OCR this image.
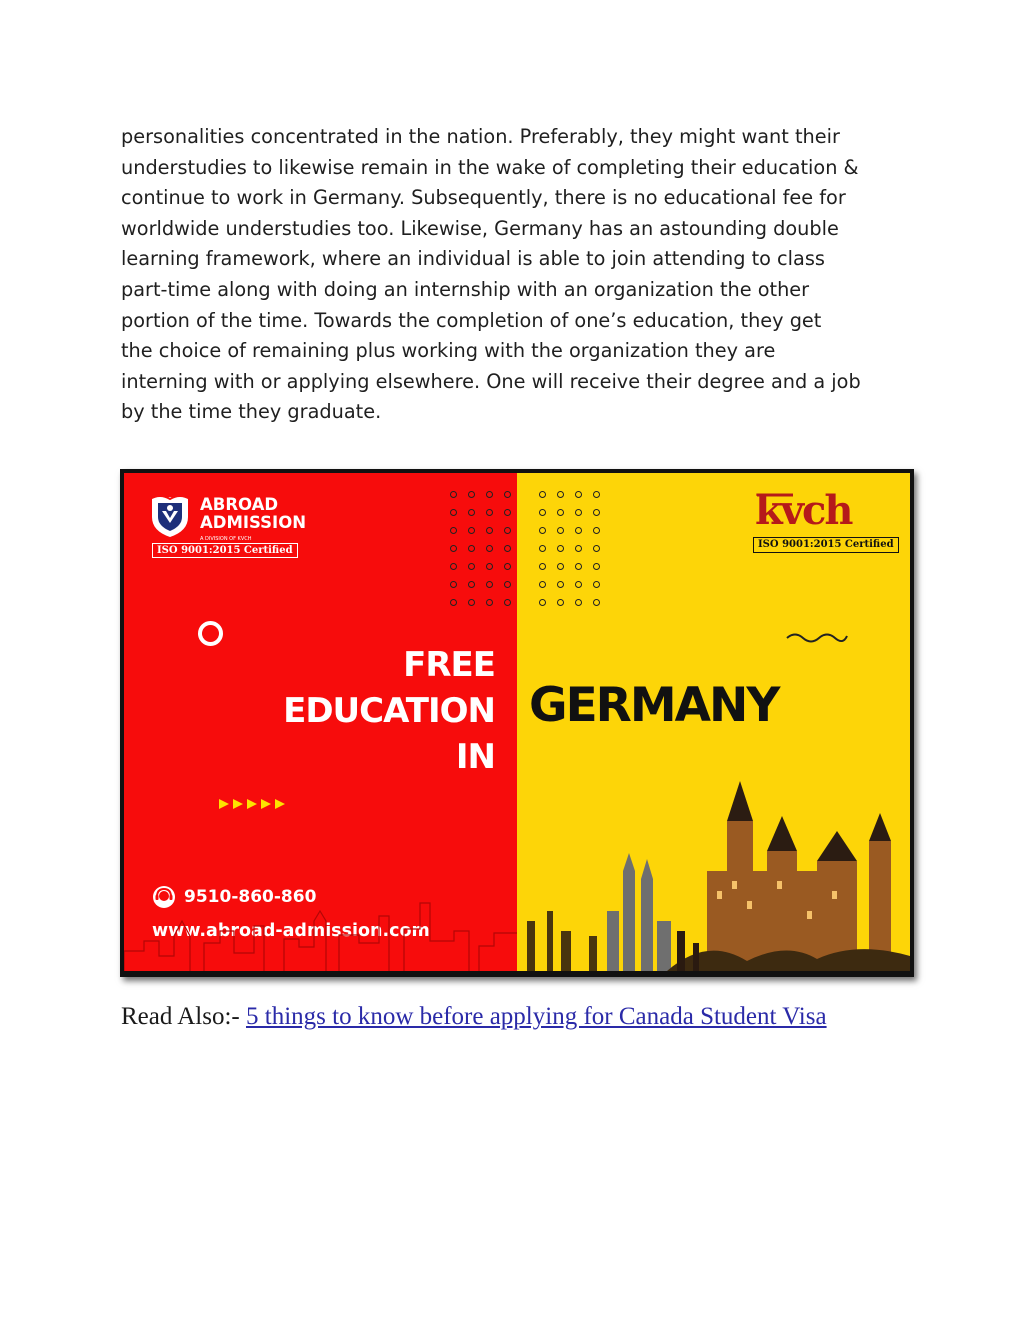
personalities concentrated in the nation. Preferably, they might want their
understudies to likewise remain in the wake of completing their education &
continue to work in Germany. Subsequently, there is no educational fee for
worldwide understudies too. Likewise, Germany has an astounding double
learning framework, where an individual is able to join attending to class
part-time along with doing an internship with an organization the other
portion of the time. Towards the completion of one’s education, they get
the choice of remaining plus working with the organization they are
interning with or applying elsewhere. One will receive their degree and a job
by the time they graduate.
ABROAD
ADMISSION
A DIVISION OF KVCH
ISO 9001:2015 Certified
FREE
EDUCATION
IN
9510-860-860
www.abroad-admission.com
kvch
ISO 9001:2015 Certified
GERMANY
Read Also:- 5 things to know before applying for Canada Student Visa
